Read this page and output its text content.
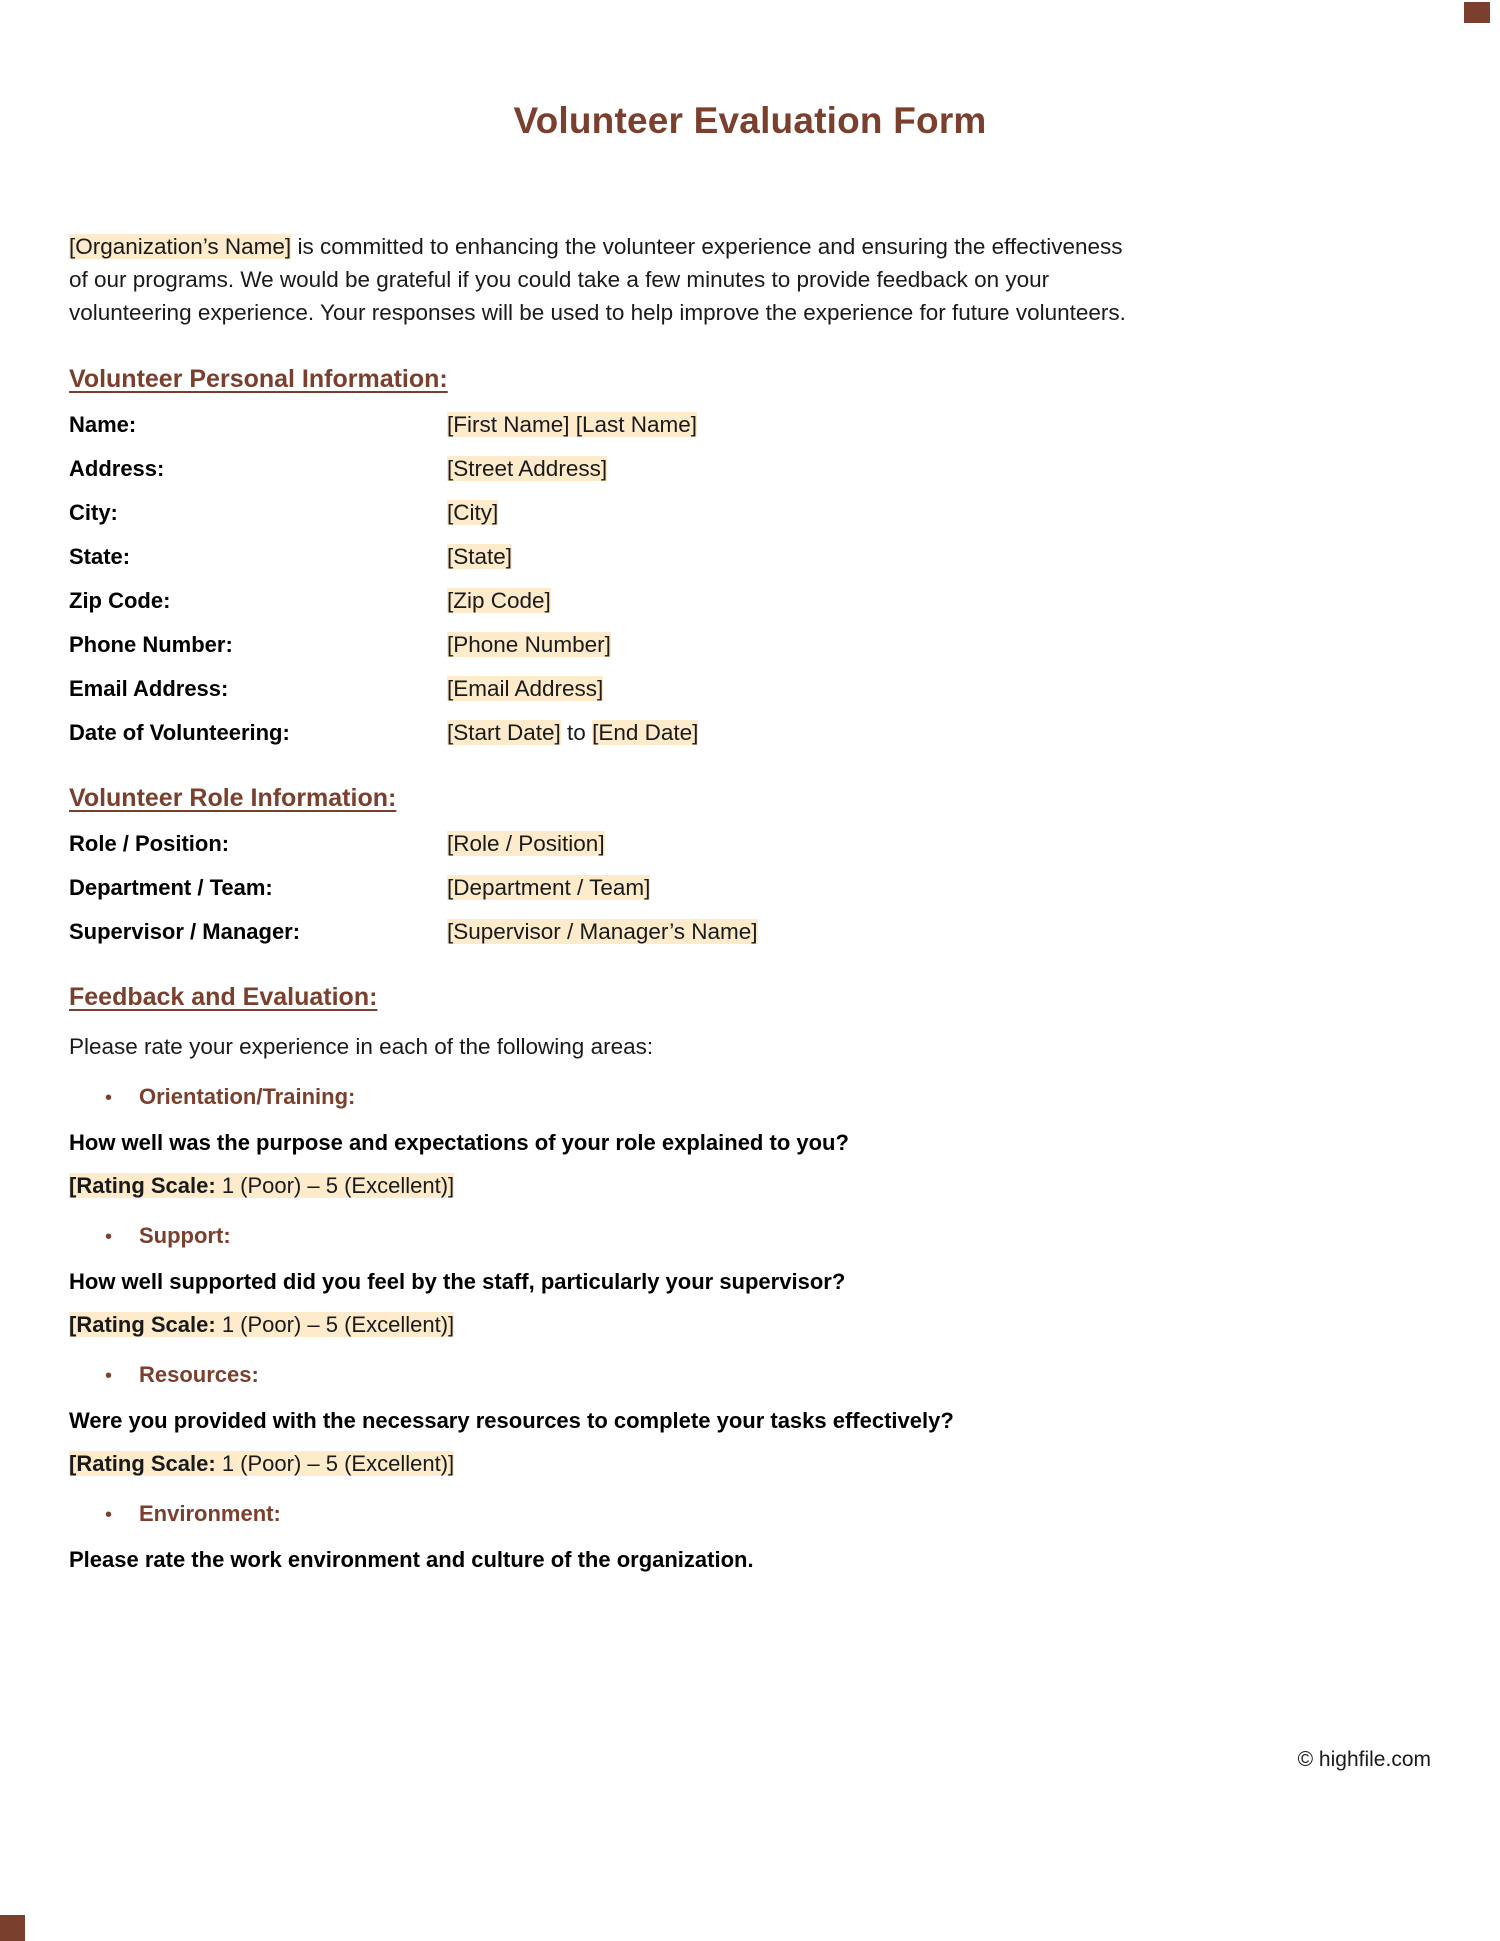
Volunteer Evaluation Form

[Organization’s Name] is committed to enhancing the volunteer experience and ensuring the effectiveness of our programs. We would be grateful if you could take a few minutes to provide feedback on your volunteering experience. Your responses will be used to help improve the experience for future volunteers.

Volunteer Personal Information:
Name:	[First Name] [Last Name]
Address:	[Street Address]
City:	[City]
State:	[State]
Zip Code:	[Zip Code]
Phone Number:	[Phone Number]
Email Address:	[Email Address]
Date of Volunteering:	[Start Date] to [End Date]
Volunteer Role Information:
Role / Position:	[Role / Position]
Department / Team:	[Department / Team]
Supervisor / Manager:	[Supervisor / Manager’s Name]
Feedback and Evaluation:

Please rate your experience in each of the following areas:

•	Orientation/Training:

How well was the purpose and expectations of your role explained to you?

[Rating Scale: 1 (Poor) – 5 (Excellent)]

•	Support:

How well supported did you feel by the staff, particularly your supervisor?

[Rating Scale: 1 (Poor) – 5 (Excellent)]

•	Resources:

Were you provided with the necessary resources to complete your tasks effectively?

[Rating Scale: 1 (Poor) – 5 (Excellent)]

•	Environment:

Please rate the work environment and culture of the organization.

© highfile.com
